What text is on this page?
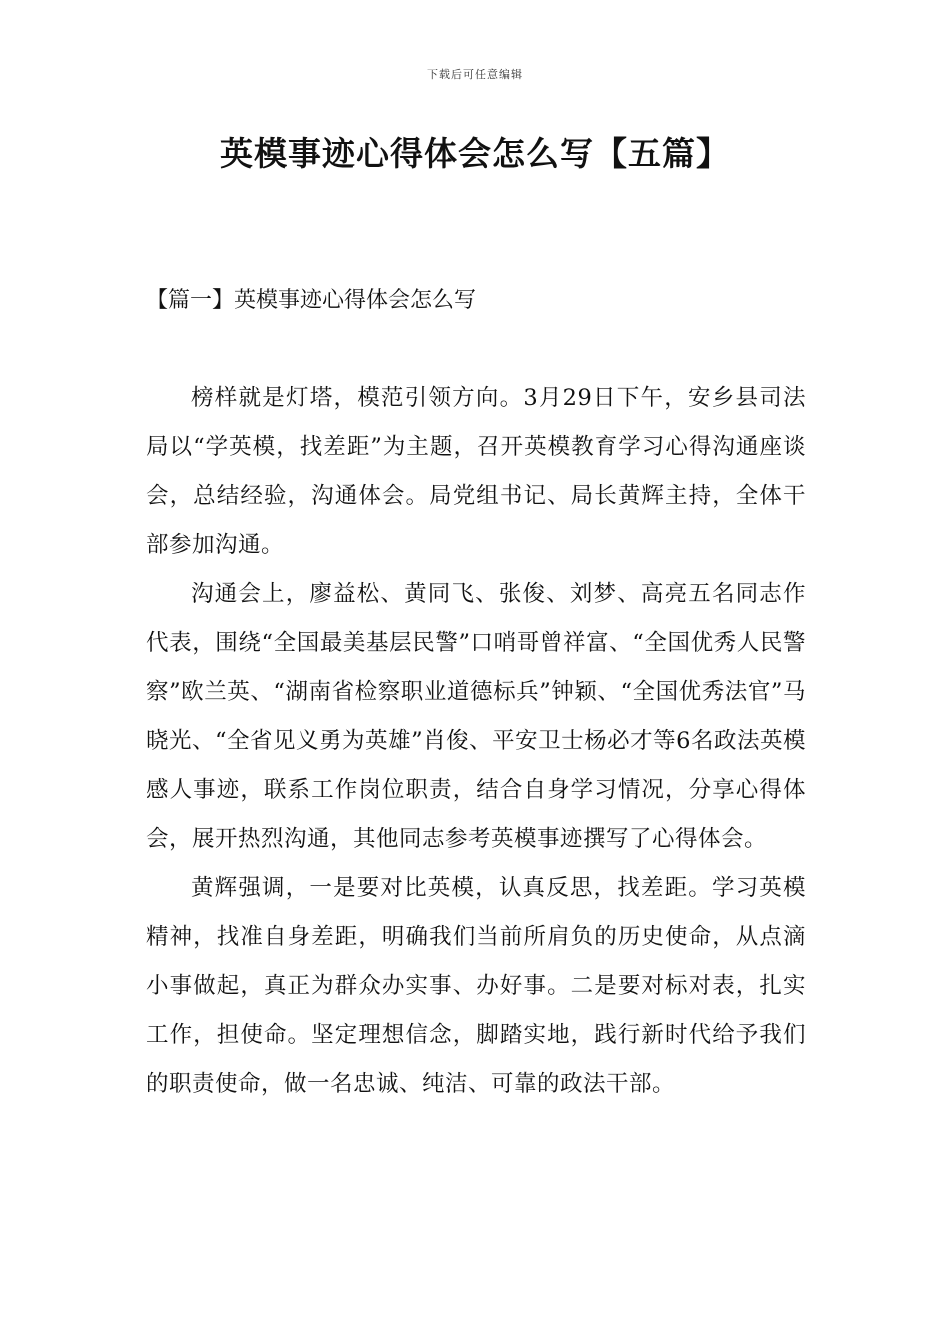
下载后可任意编辑
英模事迹心得体会怎么写【五篇】
【篇一】英模事迹心得体会怎么写

榜样就是灯塔，模范引领方向。3月29日下午，安乡县司法局以“学英模，找差距”为主题，召开英模教育学习心得沟通座谈会，总结经验，沟通体会。局党组书记、局长黄辉主持，全体干部参加沟通。

沟通会上，廖益松、黄同飞、张俊、刘梦、高亮五名同志作代表，围绕“全国最美基层民警”口哨哥曾祥富、“全国优秀人民警察”欧兰英、“湖南省检察职业道德标兵”钟颖、“全国优秀法官”马晓光、“全省见义勇为英雄”肖俊、平安卫士杨必才等6名政法英模感人事迹，联系工作岗位职责，结合自身学习情况，分享心得体会，展开热烈沟通，其他同志参考英模事迹撰写了心得体会。

黄辉强调，一是要对比英模，认真反思，找差距。学习英模精神，找准自身差距，明确我们当前所肩负的历史使命，从点滴小事做起，真正为群众办实事、办好事。二是要对标对表，扎实工作，担使命。坚定理想信念，脚踏实地，践行新时代给予我们的职责使命，做一名忠诚、纯洁、可靠的政法干部。
